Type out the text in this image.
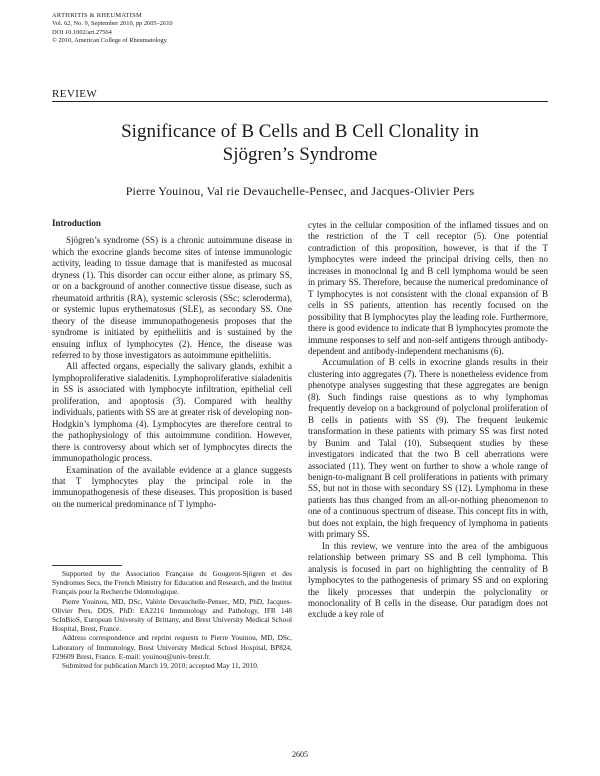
ARTHRITIS & RHEUMATISM
Vol. 62, No. 9, September 2010, pp 2605–2610
DOI 10.1002/art.27564
© 2010, American College of Rheumatology
REVIEW
Significance of B Cells and B Cell Clonality in
Sjögren’s Syndrome
Pierre Youinou, Val rie Devauchelle-Pensec, and Jacques-Olivier Pers
Introduction

Sjögren’s syndrome (SS) is a chronic autoimmune disease in which the exocrine glands become sites of intense immunologic activity, leading to tissue damage that is manifested as mucosal dryness (1). This disorder can occur either alone, as primary SS, or on a background of another connective tissue disease, such as rheumatoid arthritis (RA), systemic sclerosis (SSc; scleroderma), or systemic lupus erythematosus (SLE), as secondary SS. One theory of the disease immunopathogenesis proposes that the syndrome is initiated by epitheliitis and is sustained by the ensuing influx of lymphocytes (2). Hence, the disease was referred to by those investigators as autoimmune epitheliitis.

All affected organs, especially the salivary glands, exhibit a lymphoproliferative sialadenitis. Lymphoproliferative sialadenitis in SS is associated with lymphocyte infiltration, epithelial cell proliferation, and apoptosis (3). Compared with healthy individuals, patients with SS are at greater risk of developing non-Hodgkin’s lymphoma (4). Lymphocytes are therefore central to the pathophysiology of this autoimmune condition. However, there is controversy about which set of lymphocytes directs the immunopathologic process.

Examination of the available evidence at a glance suggests that T lymphocytes play the principal role in the immunopathogenesis of these diseases. This proposition is based on the numerical predominance of T lympho-

Supported by the Association Française du Gougerot-Sjögren et des Syndromes Secs, the French Ministry for Education and Research, and the Institut Français pour la Recherche Odontologique.

Pierre Youinou, MD, DSc, Valérie Devauchelle-Pensec, MD, PhD, Jacques-Olivier Pers, DDS, PhD: EA2216 Immunology and Pathology, IFR 148 ScInBioS, European University of Brittany, and Brest University Medical School Hospital, Brest, France.

Address correspondence and reprint requests to Pierre Youinou, MD, DSc, Laboratory of Immunology, Brest University Medical School Hospital, BP824, F29609 Brest, France. E-mail: youinou@univ-brest.fr.

Submitted for publication March 19, 2010; accepted May 11, 2010.

cytes in the cellular composition of the inflamed tissues and on the restriction of the T cell receptor (5). One potential contradiction of this proposition, however, is that if the T lymphocytes were indeed the principal driving cells, then no increases in monoclonal Ig and B cell lymphoma would be seen in primary SS. Therefore, because the numerical predominance of T lymphocytes is not consistent with the clonal expansion of B cells in SS patients, attention has recently focused on the possibility that B lymphocytes play the leading role. Furthermore, there is good evidence to indicate that B lymphocytes promote the immune responses to self and non-self antigens through antibody-dependent and antibody-independent mechanisms (6).

Accumulation of B cells in exocrine glands results in their clustering into aggregates (7). There is nonetheless evidence from phenotype analyses suggesting that these aggregates are benign (8). Such findings raise questions as to why lymphomas frequently develop on a background of polyclonal proliferation of B cells in patients with SS (9). The frequent leukemic transformation in these patients with primary SS was first noted by Bunim and Talal (10). Subsequent studies by these investigators indicated that the two B cell aberrations were associated (11). They went on further to show a whole range of benign-to-malignant B cell proliferations in patients with primary SS, but not in those with secondary SS (12). Lymphoma in these patients has thus changed from an all-or-nothing phenomenon to one of a continuous spectrum of disease. This concept fits in with, but does not explain, the high frequency of lymphoma in patients with primary SS.

In this review, we venture into the area of the ambiguous relationship between primary SS and B cell lymphoma. This analysis is focused in part on highlighting the centrality of B lymphocytes to the pathogenesis of primary SS and on exploring the likely processes that underpin the polyclonality or monoclonality of B cells in the disease. Our paradigm does not exclude a key role of

2605
